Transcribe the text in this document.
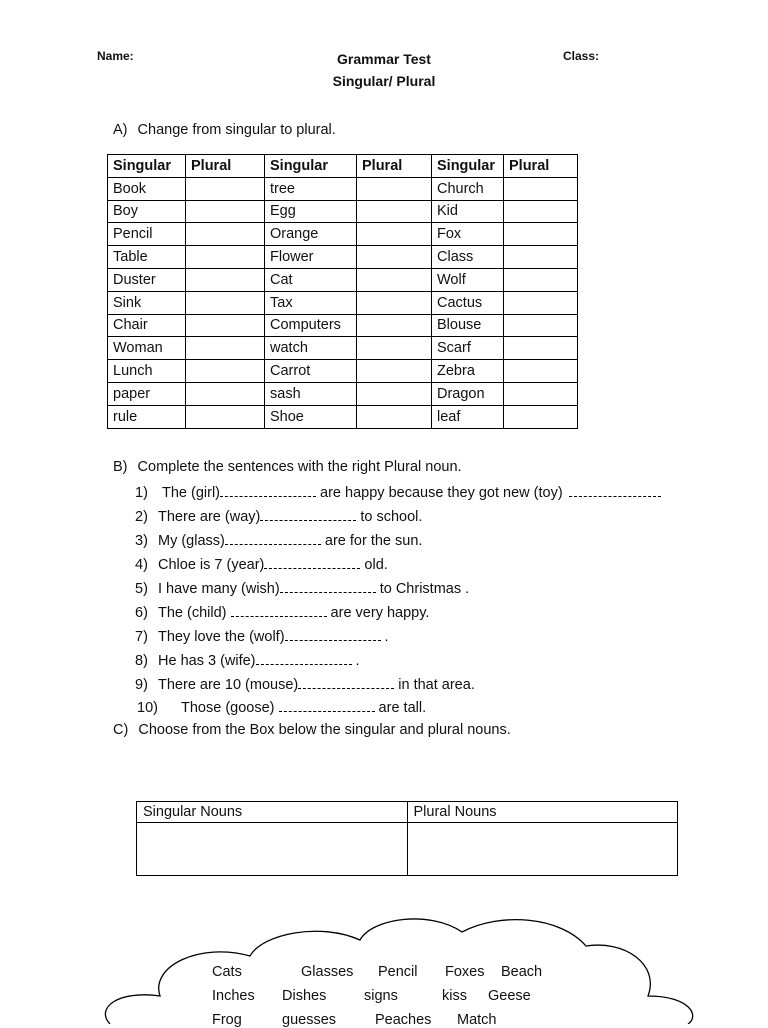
Name:	Grammar Test
Singular/ Plural
Class:
A) Change from singular to plural.
Singular	Plural	Singular	Plural	Singular	Plural
Book		tree		Church	
Boy		Egg		Kid	
Pencil		Orange		Fox	
Table		Flower		Class	
Duster		Cat		Wolf	
Sink		Tax		Cactus	
Chair		Computers		Blouse	
Woman		watch		Scarf	
Lunch		Carrot		Zebra	
paper		sash		Dragon	
rule		Shoe		leaf	
B) Complete the sentences with the right Plural noun.
1) The (girl)	are happy because they got new (toy)
2) There are (way)	to school.
3) My (glass)	are for the sun.
4) Chloe is 7 (year)	old.
5) I have many (wish)	to Christmas .
6) The (child)	are very happy.
7) They love the (wolf)	.
8) He has 3 (wife)	.
9) There are 10 (mouse)	in that area.
10) Those (goose)	are tall.
C) Choose from the Box below the singular and plural nouns.
Singular Nouns	Plural Nouns

Cats	Glasses Pencil Foxes Beach
Inches Dishes	signs	kiss Geese
Frog	guesses	Peaches Match
